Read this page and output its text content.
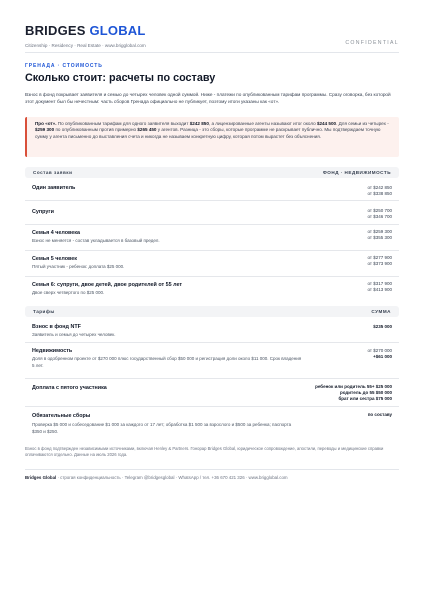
BRIDGES GLOBAL
Citizenship · Residency · Real Estate · www.brigglobal.com	CONFIDENTIAL
ГРЕНАДА · СТОИМОСТЬ
Сколько стоит: расчеты по составу
Взнос в фонд покрывает заявителя и семью до четырех человек одной суммой. Ниже - платежи по опубликованным тарифам программы. Сразу оговорка, без которой этот документ был бы нечестным: часть сборов Гренада официально не публикует, поэтому итоги указаны как «от».
Про «от». По опубликованным тарифам для одного заявителя выходит $242 850, а лицензированные агенты называют итог около $244 500. Для семьи из четырех - $259 300 по опубликованным против примерно $265 450 у агентов. Разница - это сборы, которые программе не раскрывает публично. Мы подтверждаем точную сумму у агента письменно до выставления счета и никогда не называем конкретную цифру, которая потом вырастет без объяснения.
Состав заявки	ФОНД · НЕДВИЖИМОСТЬ
Один заявитель	от $242 850
от $338 850
Супруги	от $250 700
от $346 700
Семья 4 человека
Взнос не меняется - состав укладывается в базовый предел.
от $259 300
от $355 300
Семья 5 человек
Пятый участник - ребенок: доплата $25 000.
от $277 900
от $373 900
Семья 6: супруги, двое детей, двое родителей от 55 лет
Двое сверх четвертого по $25 000.
от $317 900
от $413 900
Тарифы	СУММА
Взнос в фонд NTF
Заявитель и семья до четырех человек.
$235 000
Недвижимость
Доля в одобренном проекте от $270 000 плюс государственный сбор $50 000 и регистрация доли около $11 000. Срок владения 5 лет.
от $270 000
+$61 000
Доплата с пятого участника	ребенок или родитель 55+ $25 000
родитель до 55 $50 000
брат или сестра $75 000
Обязательные сборы
Проверка $5 000 и собеседование $1 000 за каждого от 17 лет; обработка $1 500 за взрослого и $500 за ребенка; паспорта $350 и $250.
по составу
Взнос в фонд подтвержден независимыми источниками, включая Henley & Partners. Гонорар Bridges Global, юридическое сопровождение, апостили, переводы и медицинские справки оплачиваются отдельно. Данные на июль 2026 года.
Bridges Global · строгая конфиденциальность · Telegram @bridgesglobal · WhatsApp / тел. +36 670 421 326 · www.brigglobal.com
